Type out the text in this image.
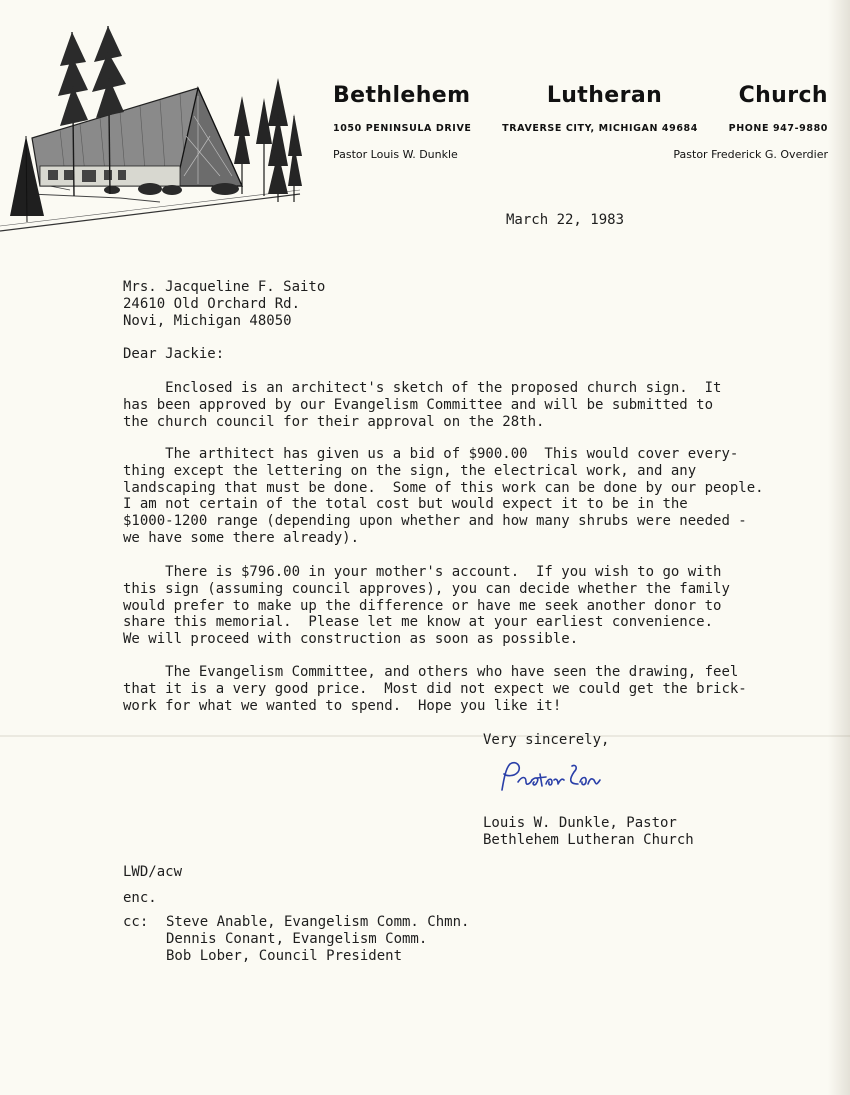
Bethlehem	Lutheran	Church
1050 PENINSULA DRIVE	TRAVERSE CITY, MICHIGAN 49684	PHONE 947-9880
Pastor Louis W. Dunkle	Pastor Frederick G. Overdier
March 22, 1983
Mrs. Jacqueline F. Saito
24610 Old Orchard Rd.
Novi, Michigan 48050
Dear Jackie:
Enclosed is an architect's sketch of the proposed church sign.  It
has been approved by our Evangelism Committee and will be submitted to
the church council for their approval on the 28th.
The arthitect has given us a bid of $900.00  This would cover every-
thing except the lettering on the sign, the electrical work, and any
landscaping that must be done.  Some of this work can be done by our people.
I am not certain of the total cost but would expect it to be in the
$1000-1200 range (depending upon whether and how many shrubs were needed -
we have some there already).
There is $796.00 in your mother's account.  If you wish to go with
this sign (assuming council approves), you can decide whether the family
would prefer to make up the difference or have me seek another donor to
share this memorial.  Please let me know at your earliest convenience.
We will proceed with construction as soon as possible.
The Evangelism Committee, and others who have seen the drawing, feel
that it is a very good price.  Most did not expect we could get the brick-
work for what we wanted to spend.  Hope you like it!
Very sincerely,
Louis W. Dunkle, Pastor
Bethlehem Lutheran Church
LWD/acw
enc.
cc: Steve Anable, Evangelism Comm. Chmn.
Dennis Conant, Evangelism Comm.
Bob Lober, Council President
